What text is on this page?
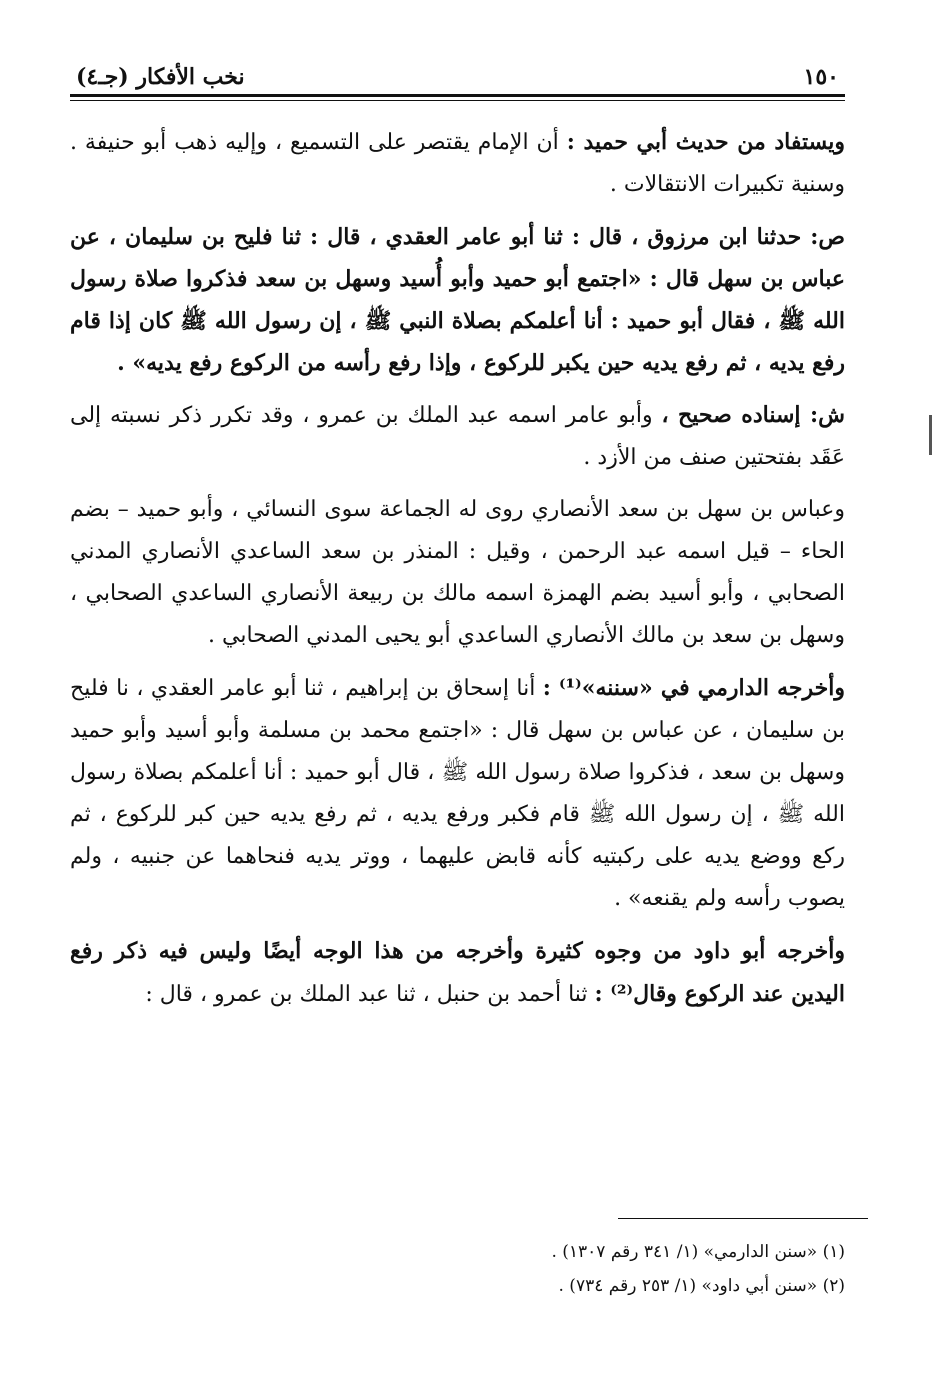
١٥٠
نخب الأفكار (جـ٤)

ويستفاد من حديث أبي حميد : أن الإمام يقتصر على التسميع ، وإليه ذهب أبو حنيفة . وسنية تكبيرات الانتقالات .

ص: حدثنا ابن مرزوق ، قال : ثنا أبو عامر العقدي ، قال : ثنا فليح بن سليمان ، عن عباس بن سهل قال : «اجتمع أبو حميد وأبو أُسيد وسهل بن سعد فذكروا صلاة رسول الله ﷺ ، فقال أبو حميد : أنا أعلمكم بصلاة النبي ﷺ ، إن رسول الله ﷺ كان إذا قام رفع يديه ، ثم رفع يديه حين يكبر للركوع ، وإذا رفع رأسه من الركوع رفع يديه» .

ش: إسناده صحيح ، وأبو عامر اسمه عبد الملك بن عمرو ، وقد تكرر ذكر نسبته إلى عَقَد بفتحتين صنف من الأزد .

وعباس بن سهل بن سعد الأنصاري روى له الجماعة سوى النسائي ، وأبو حميد – بضم الحاء – قيل اسمه عبد الرحمن ، وقيل : المنذر بن سعد الساعدي الأنصاري المدني الصحابي ، وأبو أسيد بضم الهمزة اسمه مالك بن ربيعة الأنصاري الساعدي الصحابي ، وسهل بن سعد بن مالك الأنصاري الساعدي أبو يحيى المدني الصحابي .

وأخرجه الدارمي في «سننه»⁽¹⁾ : أنا إسحاق بن إبراهيم ، ثنا أبو عامر العقدي ، نا فليح بن سليمان ، عن عباس بن سهل قال : «اجتمع محمد بن مسلمة وأبو أسيد وأبو حميد وسهل بن سعد ، فذكروا صلاة رسول الله ﷺ ، قال أبو حميد : أنا أعلمكم بصلاة رسول الله ﷺ ، إن رسول الله ﷺ قام فكبر ورفع يديه ، ثم رفع يديه حين كبر للركوع ، ثم ركع ووضع يديه على ركبتيه كأنه قابض عليهما ، ووتر يديه فنحاهما عن جنبيه ، ولم يصوب رأسه ولم يقنعه» .

وأخرجه أبو داود من وجوه كثيرة وأخرجه من هذا الوجه أيضًا وليس فيه ذكر رفع اليدين عند الركوع وقال⁽²⁾ : ثنا أحمد بن حنبل ، ثنا عبد الملك بن عمرو ، قال :

(١) «سنن الدارمي» (١/ ٣٤١ رقم ١٣٠٧) .

(٢) «سنن أبي داود» (١/ ٢٥٣ رقم ٧٣٤) .
